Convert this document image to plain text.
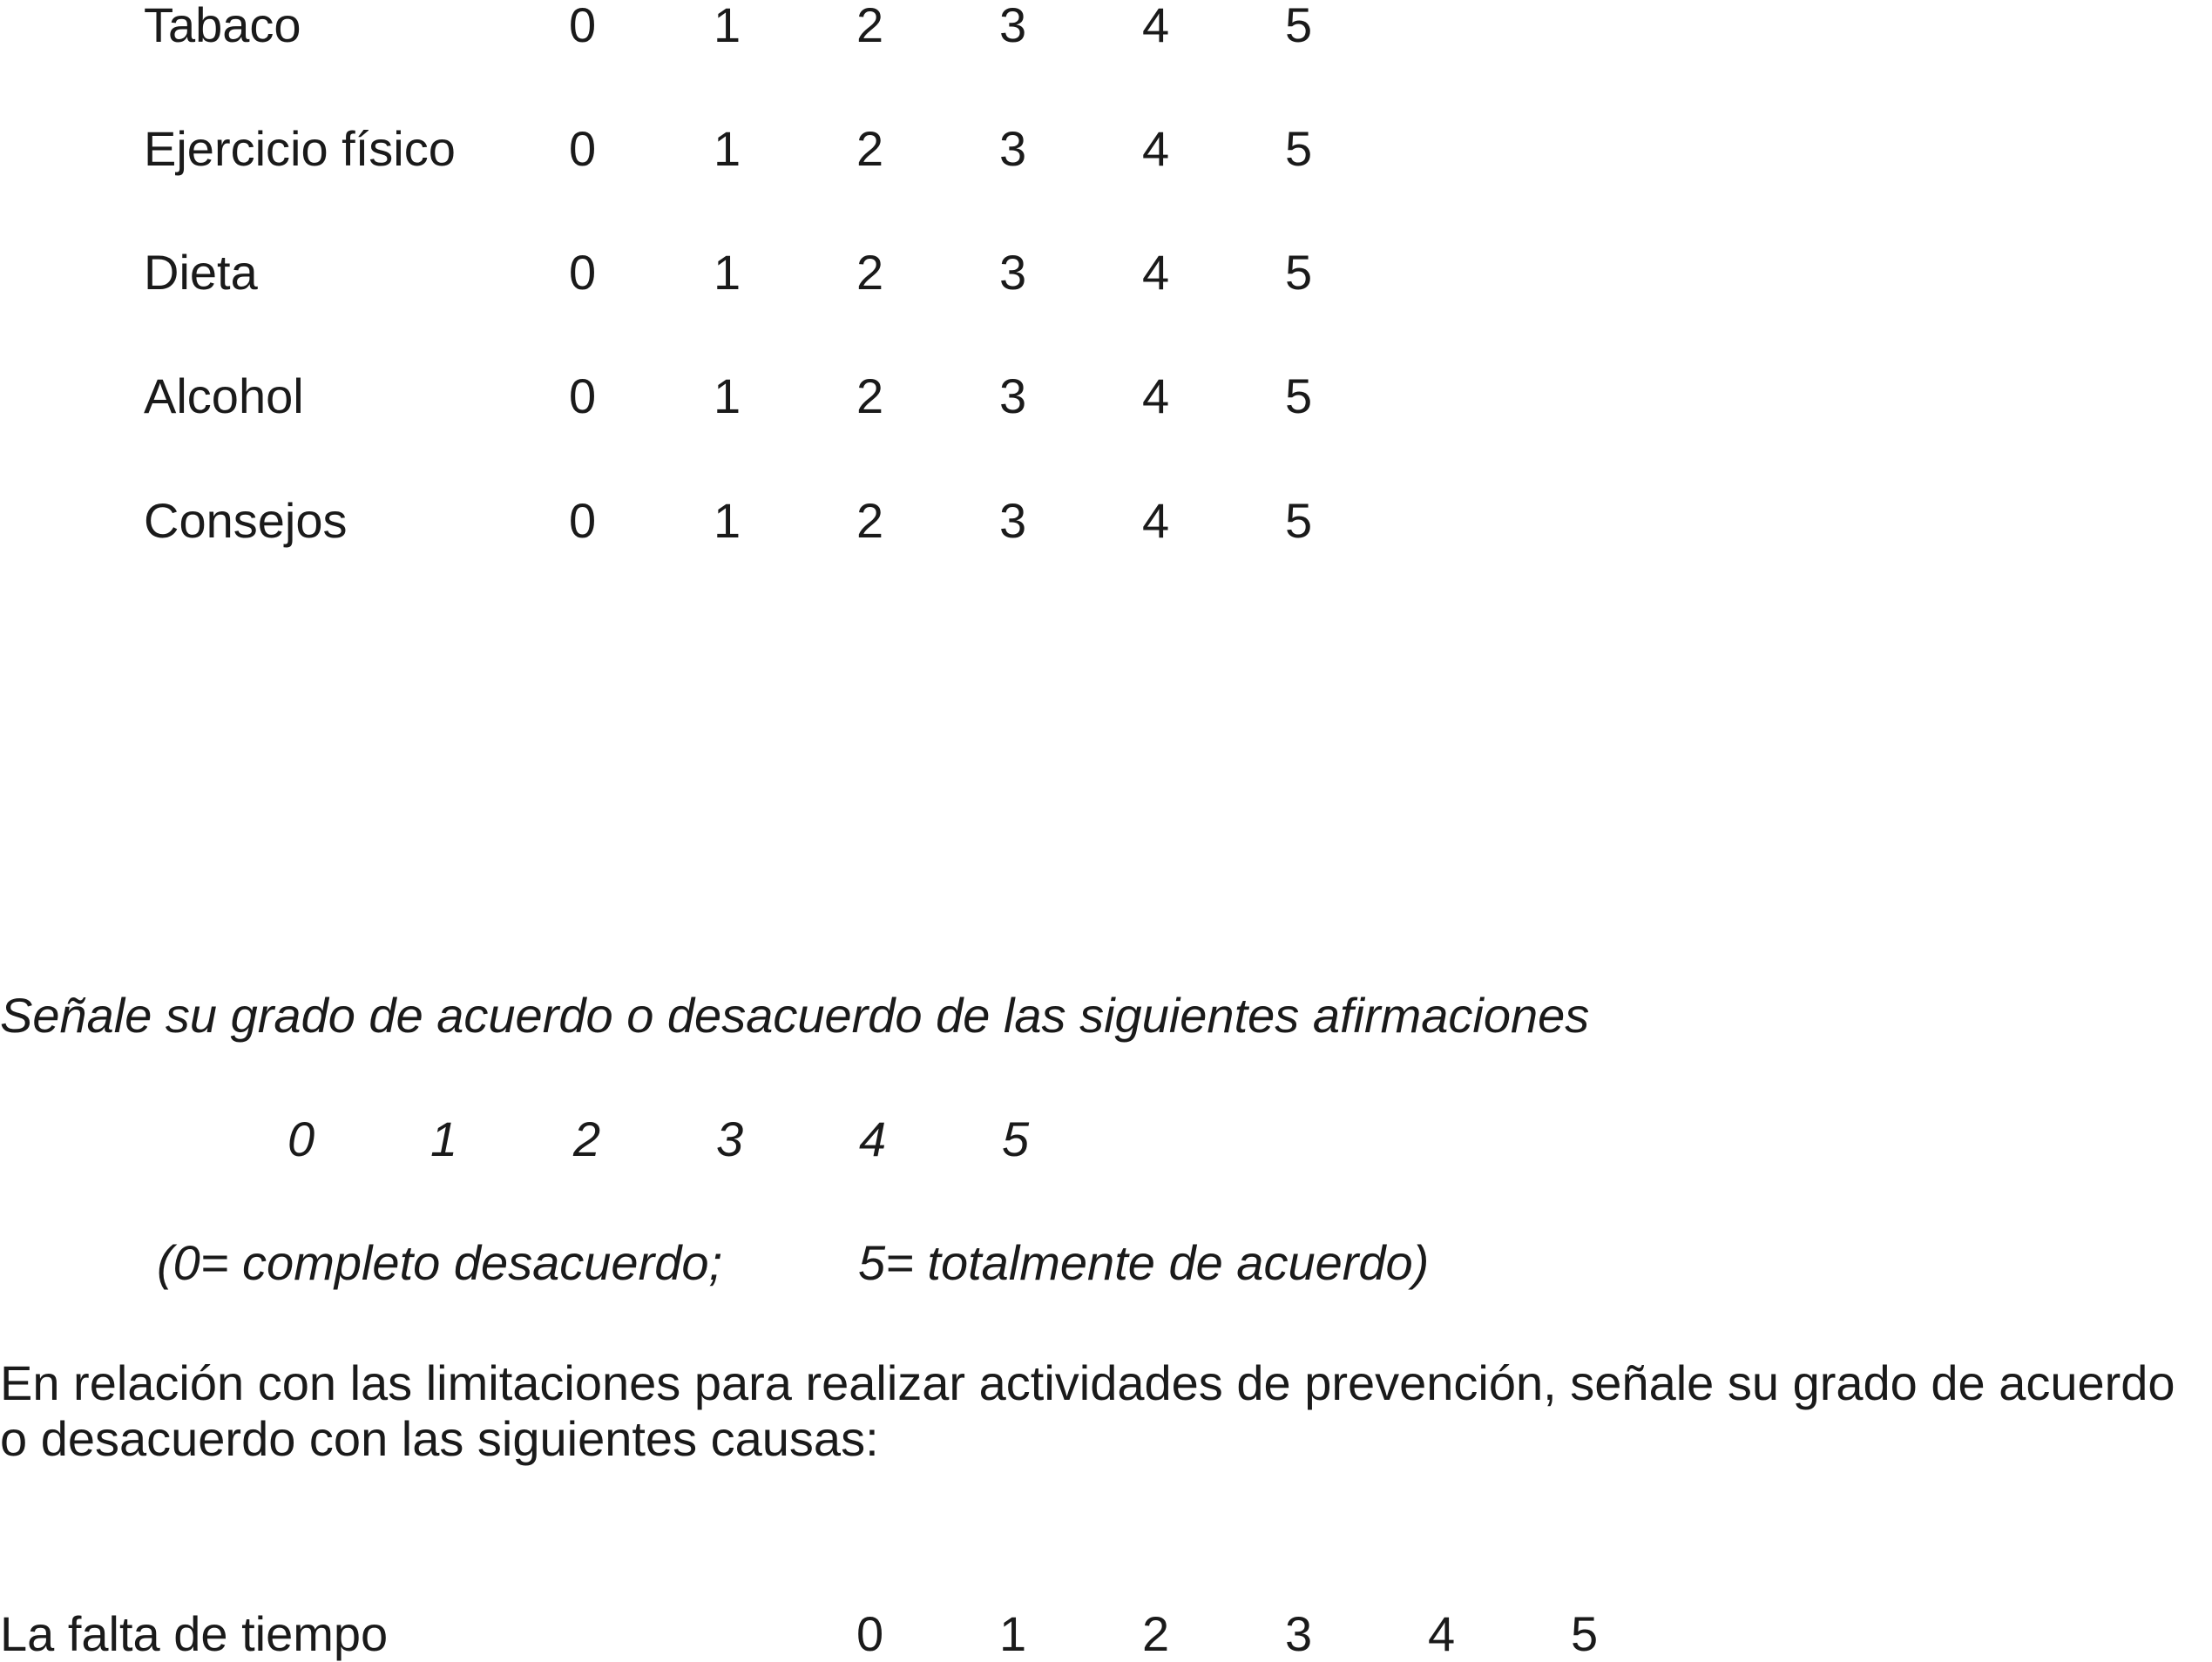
Tabaco	0 1 2 3 4 5
Ejercicio físico 0 1 2 3 4 5
Dieta	0 1 2 3 4 5
Alcohol	0 1 2 3 4 5
Consejos	0 1 2 3 4 5
Señale su grado de acuerdo o desacuerdo de las siguientes afirmaciones
0 1 2 3 4 5
(0= completo desacuerdo;	5= totalmente de acuerdo)
En relación con las limitaciones para realizar actividades de prevención, señale su grado de acuerdo o desacuerdo con las siguientes causas:
La falta de tiempo	0 1 2 3 4 5
